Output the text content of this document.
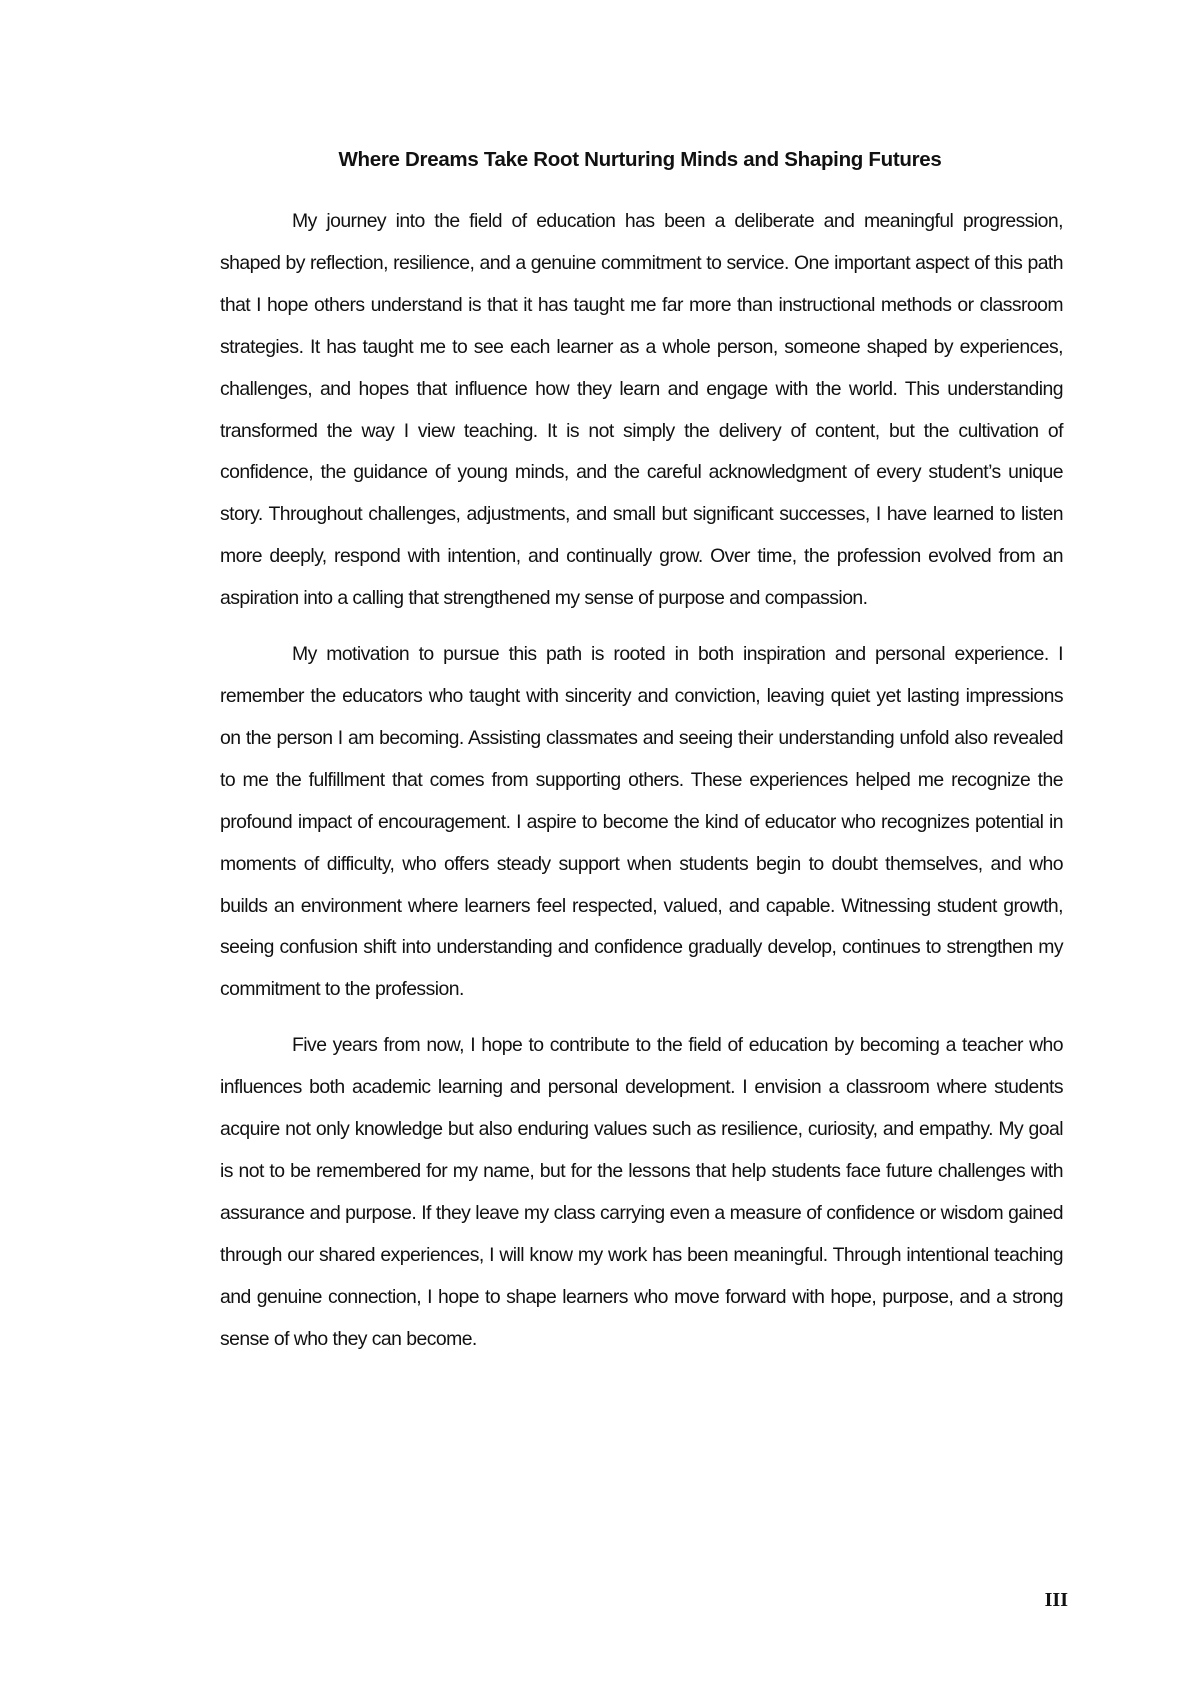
Where Dreams Take Root Nurturing Minds and Shaping Futures

My journey into the field of education has been a deliberate and meaningful progression, shaped by reflection, resilience, and a genuine commitment to service. One important aspect of this path that I hope others understand is that it has taught me far more than instructional methods or classroom strategies. It has taught me to see each learner as a whole person, someone shaped by experiences, challenges, and hopes that influence how they learn and engage with the world. This understanding transformed the way I view teaching. It is not simply the delivery of content, but the cultivation of confidence, the guidance of young minds, and the careful acknowledgment of every student’s unique story. Throughout challenges, adjustments, and small but significant successes, I have learned to listen more deeply, respond with intention, and continually grow. Over time, the profession evolved from an aspiration into a calling that strengthened my sense of purpose and compassion.

My motivation to pursue this path is rooted in both inspiration and personal experience. I remember the educators who taught with sincerity and conviction, leaving quiet yet lasting impressions on the person I am becoming. Assisting classmates and seeing their understanding unfold also revealed to me the fulfillment that comes from supporting others. These experiences helped me recognize the profound impact of encouragement. I aspire to become the kind of educator who recognizes potential in moments of difficulty, who offers steady support when students begin to doubt themselves, and who builds an environment where learners feel respected, valued, and capable. Witnessing student growth, seeing confusion shift into understanding and confidence gradually develop, continues to strengthen my commitment to the profession.

Five years from now, I hope to contribute to the field of education by becoming a teacher who influences both academic learning and personal development. I envision a classroom where students acquire not only knowledge but also enduring values such as resilience, curiosity, and empathy. My goal is not to be remembered for my name, but for the lessons that help students face future challenges with assurance and purpose. If they leave my class carrying even a measure of confidence or wisdom gained through our shared experiences, I will know my work has been meaningful. Through intentional teaching and genuine connection, I hope to shape learners who move forward with hope, purpose, and a strong sense of who they can become.

III
